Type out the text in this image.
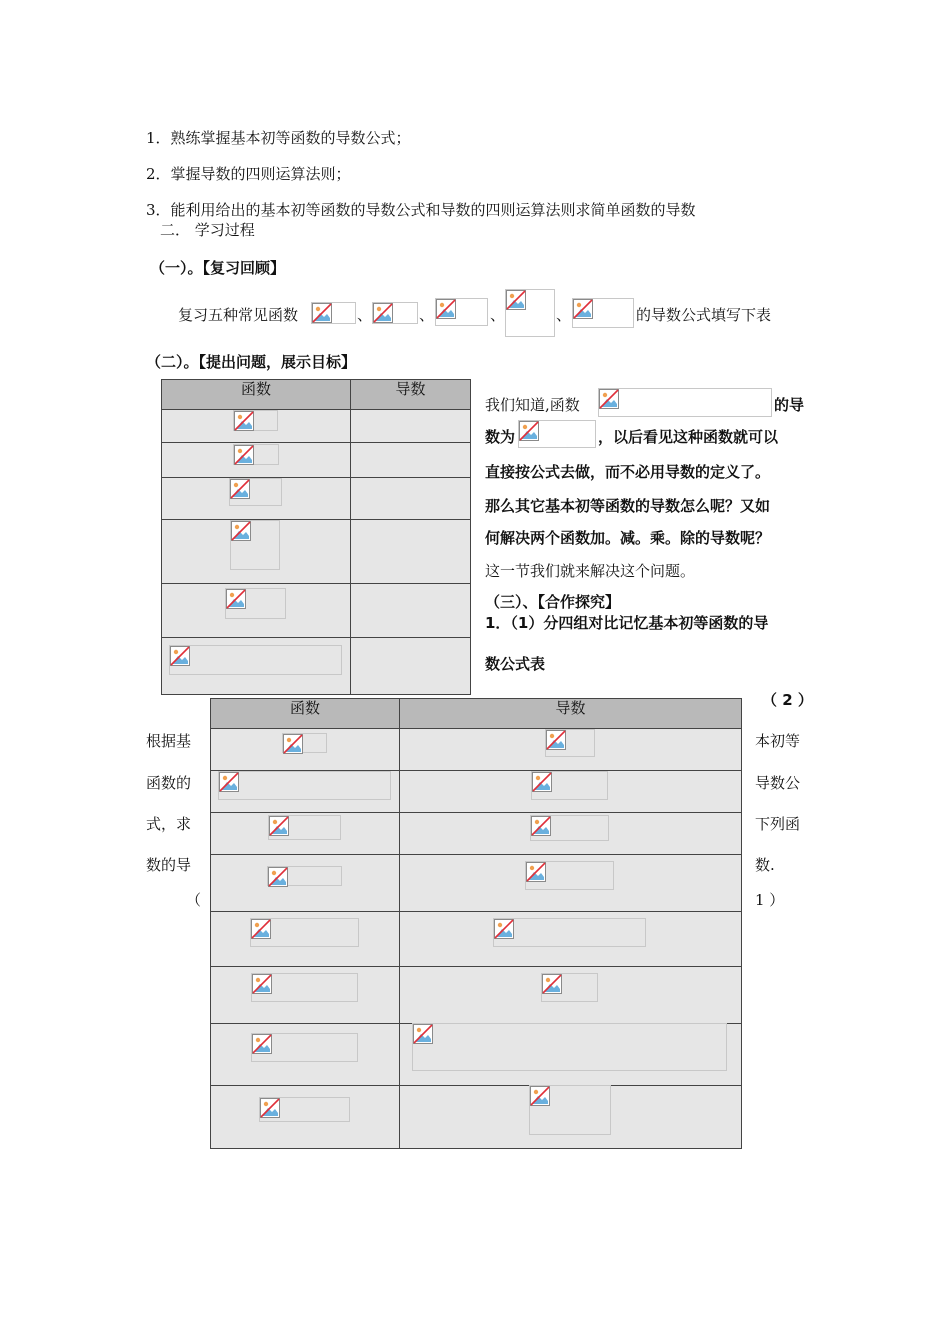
1．熟练掌握基本初等函数的导数公式；
2．掌握导数的四则运算法则；
3．能利用给出的基本初等函数的导数公式和导数的四则运算法则求简单函数的导数
二． 学习过程
（一）。【复习回顾】
复习五种常见函数	、	、	、	、	的导数公式填写下表
（二）。【提出问题，展示目标】
函数	导数

我们知道,函数	的导
数为	，以后看见这种函数就可以
直接按公式去做，而不必用导数的定义了。
那么其它基本初等函数的导数怎么呢？又如
何解决两个函数加。减。乘。除的导数呢？
这一节我们就来解决这个问题。
（三）、【合作探究】
1．（1）分四组对比记忆基本初等函数的导
数公式表
函数	导数

根据基
函数的
式，求
数的导
（
（ 2 ）
本初等
导数公
下列函
数.
1 ）
